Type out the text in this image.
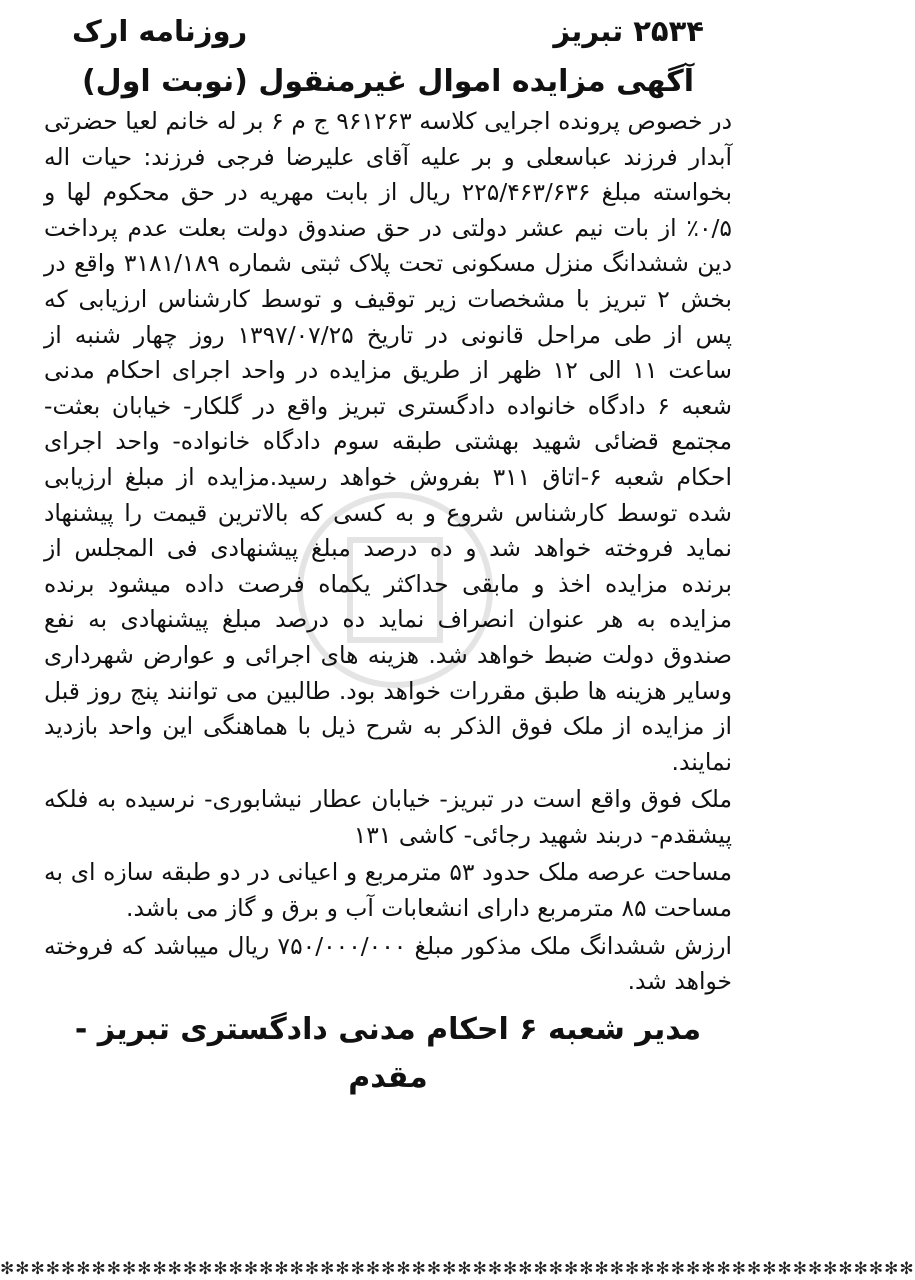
۲۵۳۴ تبریز
روزنامه ارک
آگهی مزایده اموال غیرمنقول (نوبت اول)

در خصوص پرونده اجرایی کلاسه ۹۶۱۲۶۳ ج م ۶ بر له خانم لعیا حضرتی آبدار فرزند عباسعلی و بر علیه آقای علیرضا فرجی فرزند: حیات اله بخواسته مبلغ ۲۲۵/۴۶۳/۶۳۶ ریال از بابت مهریه در حق محکوم لها و ۰/۵٪ از بات نیم عشر دولتی در حق صندوق دولت بعلت عدم پرداخت دین ششدانگ منزل مسکونی تحت پلاک ثبتی شماره ۳۱۸۱/۱۸۹ واقع در بخش ۲ تبریز با مشخصات زیر توقیف و توسط کارشناس ارزیابی که پس از طی مراحل قانونی در تاریخ ۱۳۹۷/۰۷/۲۵ روز چهار شنبه از ساعت ۱۱ الی ۱۲ ظهر از طریق مزایده در واحد اجرای احکام مدنی شعبه ۶ دادگاه خانواده دادگستری تبریز واقع در گلکار- خیابان بعثت- مجتمع قضائی شهید بهشتی طبقه سوم دادگاه خانواده- واحد اجرای احکام شعبه ۶-اتاق ۳۱۱ بفروش خواهد رسید.مزایده از مبلغ ارزیابی شده توسط کارشناس شروع و به کسی که بالاترین قیمت را پیشنهاد نماید فروخته خواهد شد و ده درصد مبلغ پیشنهادی فی المجلس از برنده مزایده اخذ و مابقی حداکثر یکماه فرصت داده میشود برنده مزایده به هر عنوان انصراف نماید ده درصد مبلغ پیشنهادی به نفع صندوق دولت ضبط خواهد شد. هزینه های اجرائی و عوارض شهرداری وسایر هزینه ها طبق مقررات خواهد بود. طالبین می توانند پنج روز قبل از مزایده از ملک فوق الذکر به شرح ذیل با هماهنگی این واحد بازدید نمایند.

ملک فوق واقع است در تبریز- خیابان عطار نیشابوری- نرسیده به فلکه پیشقدم- دربند شهید رجائی- کاشی ۱۳۱

مساحت عرصه ملک حدود ۵۳ مترمربع و اعیانی در دو طبقه سازه ای به مساحت ۸۵ مترمربع دارای انشعابات آب و برق و گاز می باشد.

ارزش ششدانگ ملک مذکور مبلغ ۷۵۰/۰۰۰/۰۰۰ ریال میباشد که فروخته خواهد شد.

مدیر شعبه ۶ احکام مدنی دادگستری تبریز - مقدم
✻✻✻✻✻✻✻✻✻✻✻✻✻✻✻✻✻✻✻✻✻✻✻✻✻✻✻✻✻✻✻✻✻✻✻✻✻✻✻✻✻✻✻✻✻✻✻✻✻✻✻✻✻✻✻✻✻✻✻✻
